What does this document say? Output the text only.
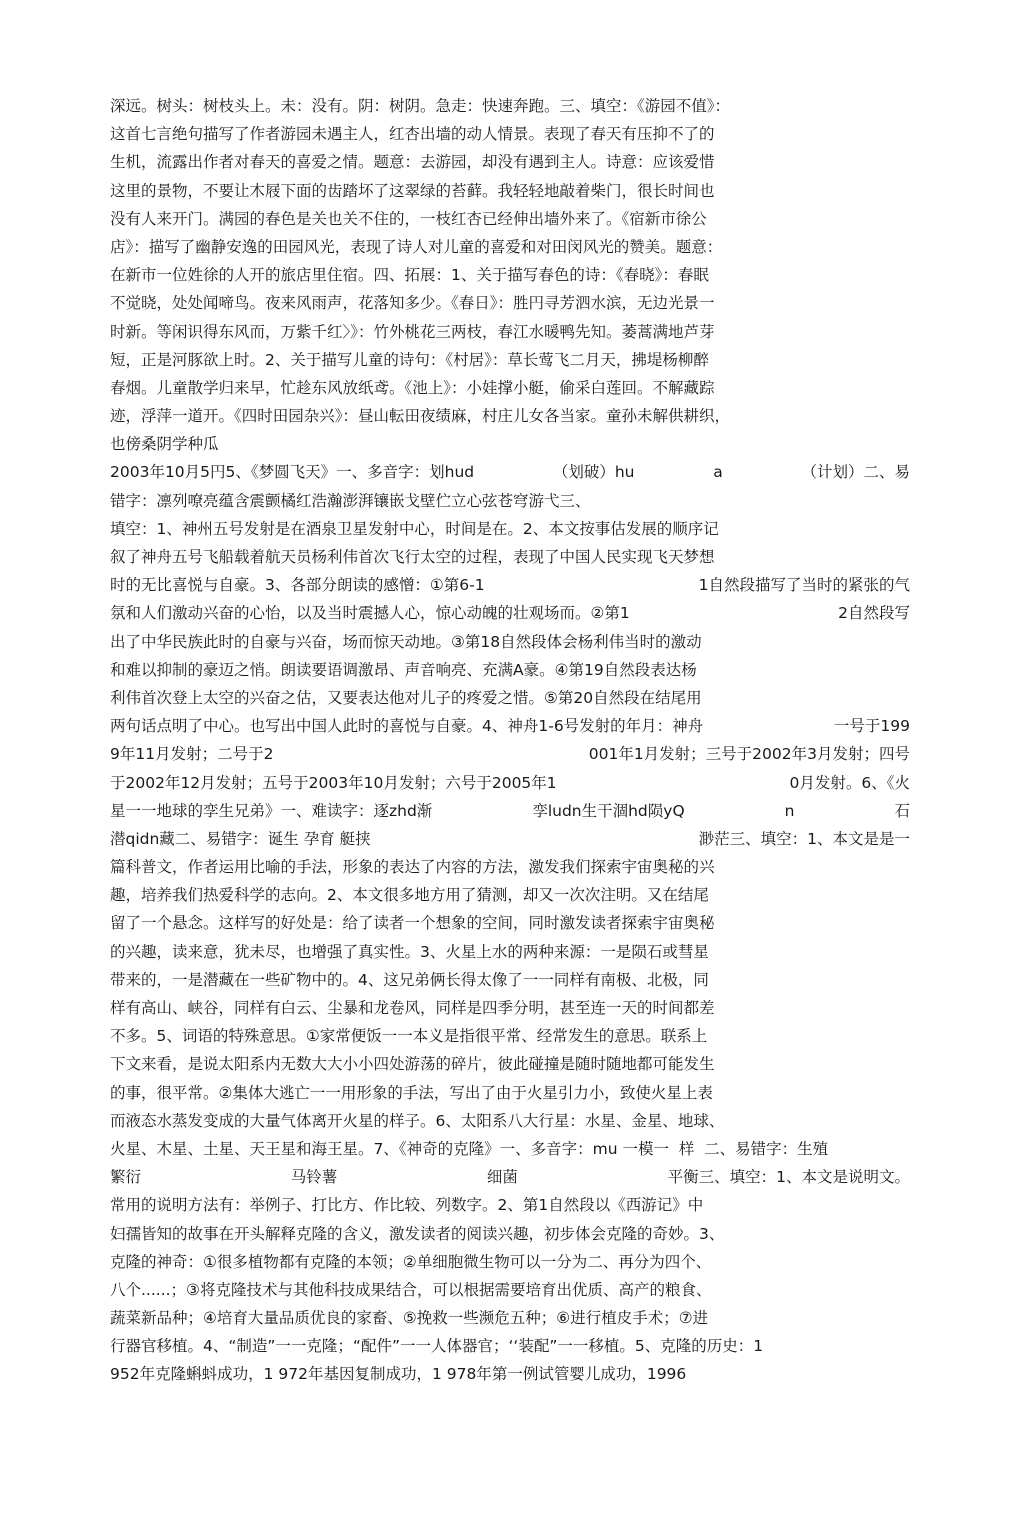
深远。树头：树枝头上。未：没有。阴：树阴。急走：快速奔跑。三、填空：《游园不值》：
这首七言绝句描写了作者游园未遇主人，红杏出墙的动人情景。表现了春天有压抑不了的
生机，流露出作者对春天的喜爱之情。题意：去游园，却没有遇到主人。诗意：应该爱惜
这里的景物，不要让木屐下面的齿踏坏了这翠绿的苔藓。我轻轻地敲着柴门，很长时间也
没有人来开门。满园的春色是关也关不住的，一枝红杏已经伸出墙外来了。《宿新市徐公
店》：描写了幽静安逸的田园风光，表现了诗人对儿童的喜爱和对田闵风光的赞美。题意：
在新市一位姓徐的人开的旅店里住宿。四、拓展：1、关于描写春色的诗：《春晓》：春眠
不觉晓，处处闻啼鸟。夜来风雨声，花落知多少。《春日》：胜円寻芳泗水滨，无边光景一
时新。等闲识得东风而，万紫千红〉》：竹外桃花三两枝，春江水暖鸭先知。萎蒿满地芦芽
短，正是河豚欲上时。2、关于描写儿童的诗句：《村居》：草长莺飞二月天，拂堤杨柳醉
春烟。儿童散学归来早，忙趁东风放纸鸢。《池上》：小娃撑小艇，偷采白莲回。不解藏踪
迹，浮萍一道开。《四时田园杂兴》：昼山転田夜绩麻，村庄儿女各当家。童孙未解供耕织，
也傍桑阴学种瓜
2003年10月5円5、《梦圆飞天》一、多音字：划hud	（划破）hu	a	（计划）二、易
错字：凛列嘹亮蕴含震颤橘红浩瀚澎湃镶嵌戈壁伫立心弦苍穹游弋三、
填空：1、神州五号发射是在酒泉卫星发射中心，时间是在。2、本文按事估发展的顺序记
叙了神舟五号飞船载着航天员杨利伟首次飞行太空的过程，表现了中国人民实现飞天梦想
时的无比喜悦与自豪。3、各部分朗读的感憎：①第6-1	1自然段描写了当时的紧张的气
氛和人们激动兴奋的心怡，以及当时震撼人心，惊心动魄的壮观场而。②第1	2自然段写
出了中华民族此时的自豪与兴奋，场而惊天动地。③第18自然段体会杨利伟当时的激动
和难以抑制的豪迈之悄。朗读要语调激昂、声音响亮、充满A豪。④第19自然段表达杨
利伟首次登上太空的兴奋之估，又要表达他对儿子的疼爱之惜。⑤第20自然段在结尾用
两句话点明了中心。也写出中国人此时的喜悦与自豪。4、神舟1-6号发射的年月：神舟	一号于199
9年11月发射；二号于2	001年1月发射；三号于2002年3月发射；四号
于2002年12月发射；五号于2003年10月发射；六号于2005年1	0月发射。6、《火
星一一地球的孪生兄弟》一、难读字：逐zhd渐	孪ludn生干涸hd陨yQ	n	石
潜qidn藏二、易错字：诞生 孕育 艇挟	渺茫三、填空：1、本文是是一
篇科普文，作者运用比喻的手法，形象的表达了内容的方法，激发我们探索宇宙奥秘的兴
趣，培养我们热爱科学的志向。2、本文很多地方用了猜测，却又一次次注明。又在结尾
留了一个悬念。这样写的好处是：给了读者一个想象的空间，同时激发读者探索宇宙奥秘
的兴趣，读来意，犹未尽，也增强了真实性。3、火星上水的两种来源：一是陨石或彗星
带来的，一是潜藏在一些矿物中的。4、这兄弟俩长得太像了一一同样有南极、北极，同
样有高山、峡谷，同样有白云、尘暴和龙卷风，同样是四季分明，甚至连一天的时间都差
不多。5、词语的特殊意思。①家常便饭一一本义是指很平常、经常发生的意思。联系上
下文来看，是说太阳系内无数大大小小四处游荡的碎片，彼此碰撞是随时随地都可能发生
的事，很平常。②集体大逃亡一一用形象的手法，写出了由于火星引力小，致使火星上表
而液态水蒸发变成的大量气体离开火星的样子。6、太阳系八大行星：水星、金星、地球、
火星、木星、土星、天王星和海王星。7、《神奇的克隆》一、多音字：mu 一模一  样  二、易错字：生殖
繁衍	马铃薯	细菌	平衡三、填空：1、本文是说明文。
常用的说明方法有：举例子、打比方、作比较、列数字。2、第1自然段以《西游记》中
妇孺皆知的故事在开头解释克隆的含义，激发读者的阅读兴趣，初步体会克隆的奇妙。3、
克隆的神奇：①很多植物都有克隆的本领；②单细胞微生物可以一分为二、再分为四个、
八个......；③将克隆技术与其他科技成果结合，可以根据需要培育出优质、高产的粮食、
蔬菜新品种；④培育大量品质优良的家畜、⑤挽救一些濒危五种；⑥进行植皮手术；⑦进
行器官移植。4、“制造”一一克隆；“配件”一一人体器官；‘‘装配”一一移植。5、克隆的历史：1
952年克隆蝌蚪成功，1 972年基因复制成功，1 978年第一例试管婴儿成功，1996
